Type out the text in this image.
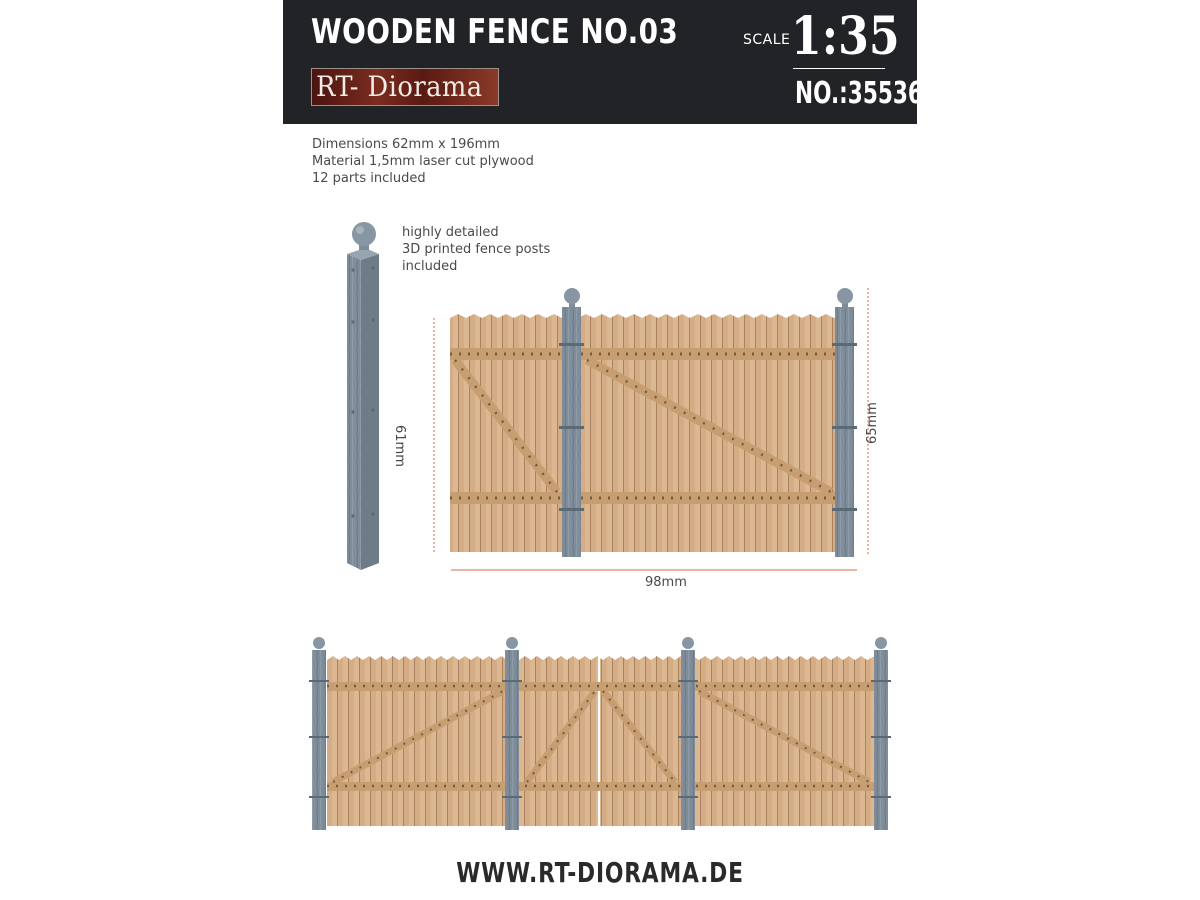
WOODEN FENCE NO.03
RT- Diorama
SCALE 1:35
NO.:35536
Dimensions 62mm x 196mm
Material 1,5mm laser cut plywood
12 parts included
highly detailed
3D printed fence posts
included
61mm
65mm
98mm
WWW.RT-DIORAMA.DE
